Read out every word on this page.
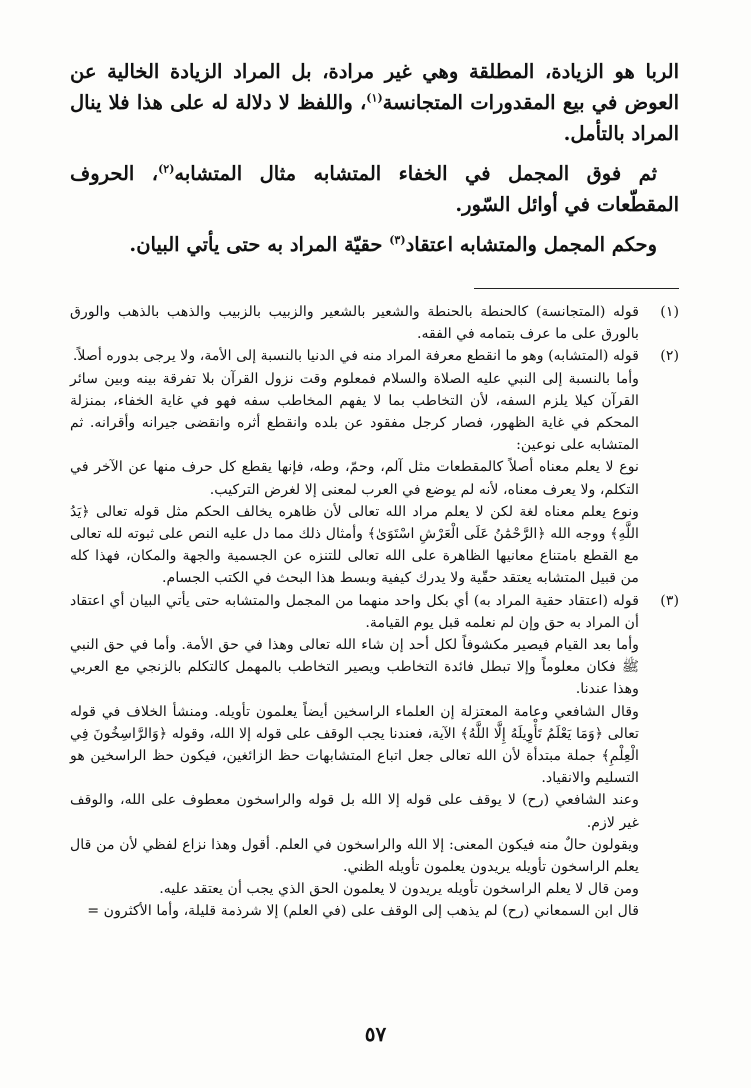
الربا هو الزيادة، المطلقة وهي غير مرادة، بل المراد الزيادة الخالية عن العوض في بيع المقدورات المتجانسة$^{(١)}$، واللفظ لا دلالة له على هذا فلا ينال المراد بالتأمل.

ثم فوق المجمل في الخفاء المتشابه مثال المتشابه$^{(٢)}$، الحروف المقطّعات في أوائل السّور.

وحكم المجمل والمتشابه اعتقاد$^{(٣)}$ حقيّة المراد به حتى يأتي البيان.

(١)

قوله (المتجانسة) كالحنطة بالحنطة والشعير بالشعير والزبيب بالزبيب والذهب بالذهب والورق بالورق على ما عرف بتمامه في الفقه.

(٢)

قوله (المتشابه) وهو ما انقطع معرفة المراد منه في الدنيا بالنسبة إلى الأمة، ولا يرجى بدوره أصلاً.

وأما بالنسبة إلى النبي عليه الصلاة والسلام فمعلوم وقت نزول القرآن بلا تفرقة بينه وبين سائر القرآن كيلا يلزم السفه، لأن التخاطب بما لا يفهم المخاطب سفه فهو في غاية الخفاء، بمنزلة المحكم في غاية الظهور، فصار كرجل مفقود عن بلده وانقطع أثره وانقضى جيرانه وأقرانه. ثم المتشابه على نوعين:

نوع لا يعلم معناه أصلاً كالمقطعات مثل آلم، وحمّ، وطه، فإنها يقطع كل حرف منها عن الآخر في التكلم، ولا يعرف معناه، لأنه لم يوضع في العرب لمعنى إلا لغرض التركيب.

ونوع يعلم معناه لغة لكن لا يعلم مراد الله تعالى لأن ظاهره يخالف الحكم مثل قوله تعالى ﴿يَدُ اللَّهِ﴾ ووجه الله ﴿الرَّحْمَٰنُ عَلَى الْعَرْشِ اسْتَوَىٰ﴾ وأمثال ذلك مما دل عليه النص على ثبوته لله تعالى مع القطع بامتناع معانيها الظاهرة على الله تعالى للتنزه عن الجسمية والجهة والمكان، فهذا كله من قبيل المتشابه يعتقد حقّية ولا يدرك كيفية وبسط هذا البحث في الكتب الجسام.

(٣)

قوله (اعتقاد حقية المراد به) أي بكل واحد منهما من المجمل والمتشابه حتى يأتي البيان أي اعتقاد أن المراد به حق وإن لم نعلمه قبل يوم القيامة.

وأما بعد القيام فيصير مكشوفاً لكل أحد إن شاء الله تعالى وهذا في حق الأمة. وأما في حق النبي ﷺ فكان معلوماً وإلا تبطل فائدة التخاطب ويصير التخاطب بالمهمل كالتكلم بالزنجي مع العربي وهذا عندنا.

وقال الشافعي وعامة المعتزلة إن العلماء الراسخين أيضاً يعلمون تأويله. ومنشأ الخلاف في قوله تعالى ﴿وَمَا يَعْلَمُ تَأْوِيلَهُ إِلَّا اللَّهُ﴾ الآية، فعندنا يجب الوقف على قوله إلا الله، وقوله ﴿وَالرَّاسِخُونَ فِي الْعِلْمِ﴾ جملة مبتدأة لأن الله تعالى جعل اتباع المتشابهات حظ الزائغين، فيكون حظ الراسخين هو التسليم والانقياد.

وعند الشافعي (رح) لا يوقف على قوله إلا الله بل قوله والراسخون معطوف على الله، والوقف غير لازم.

ويقولون حالٌ منه فيكون المعنى: إلا الله والراسخون في العلم. أقول وهذا نزاع لفظي لأن من قال يعلم الراسخون تأويله يريدون يعلمون تأويله الظني.

ومن قال لا يعلم الراسخون تأويله يريدون لا يعلمون الحق الذي يجب أن يعتقد عليه.

قال ابن السمعاني (رح) لم يذهب إلى الوقف على (في العلم) إلا شرذمة قليلة، وأما الأكثرون =

٥٧
